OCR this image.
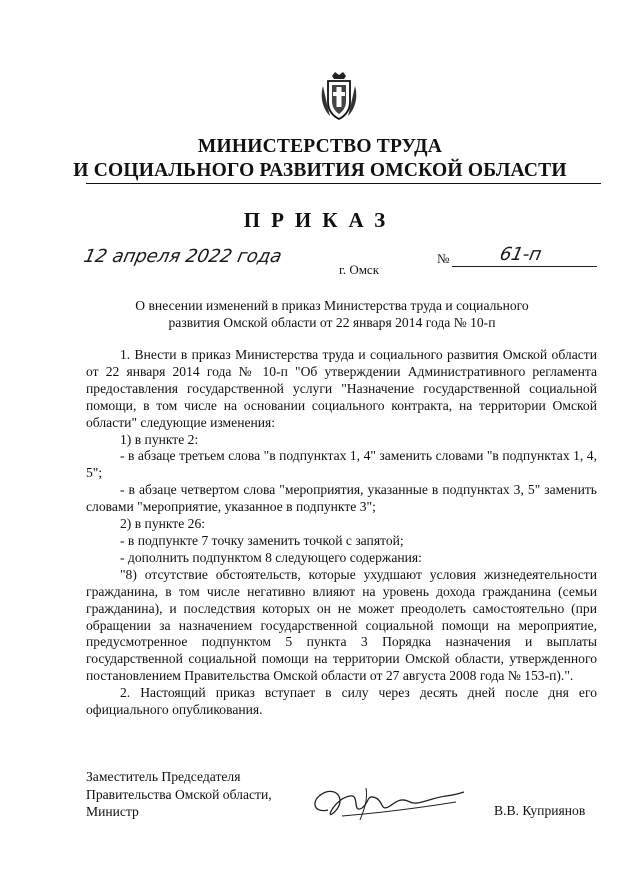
МИНИСТЕРСТВО ТРУДА
И СОЦИАЛЬНОГО РАЗВИТИЯ ОМСКОЙ ОБЛАСТИ
ПРИКАЗ
12 апреля 2022 года	№	61-п
г. Омск
О внесении изменений в приказ Министерства труда и социального развития Омской области от 22 января 2014 года № 10-п

1. Внести в приказ Министерства труда и социального развития Омской области от 22 января 2014 года № 10-п "Об утверждении Административного регламента предоставления государственной услуги "Назначение государственной социальной помощи, в том числе на основании социального контракта, на территории Омской области" следующие изменения:

1) в пункте 2:

- в абзаце третьем слова "в подпунктах 1, 4" заменить словами "в подпунктах 1, 4, 5";

- в абзаце четвертом слова "мероприятия, указанные в подпунктах 3, 5" заменить словами "мероприятие, указанное в подпункте 3";

2) в пункте 26:

- в подпункте 7 точку заменить точкой с запятой;

- дополнить подпунктом 8 следующего содержания:

"8) отсутствие обстоятельств, которые ухудшают условия жизнедеятельности гражданина, в том числе негативно влияют на уровень дохода гражданина (семьи гражданина), и последствия которых он не может преодолеть самостоятельно (при обращении за назначением государственной социальной помощи на мероприятие, предусмотренное подпунктом 5 пункта 3 Порядка назначения и выплаты государственной социальной помощи на территории Омской области, утвержденного постановлением Правительства Омской области от 27 августа 2008 года № 153-п).".

2. Настоящий приказ вступает в силу через десять дней после дня его официального опубликования.

Заместитель Председателя
Правительства Омской области,
Министр	В.В. Куприянов
